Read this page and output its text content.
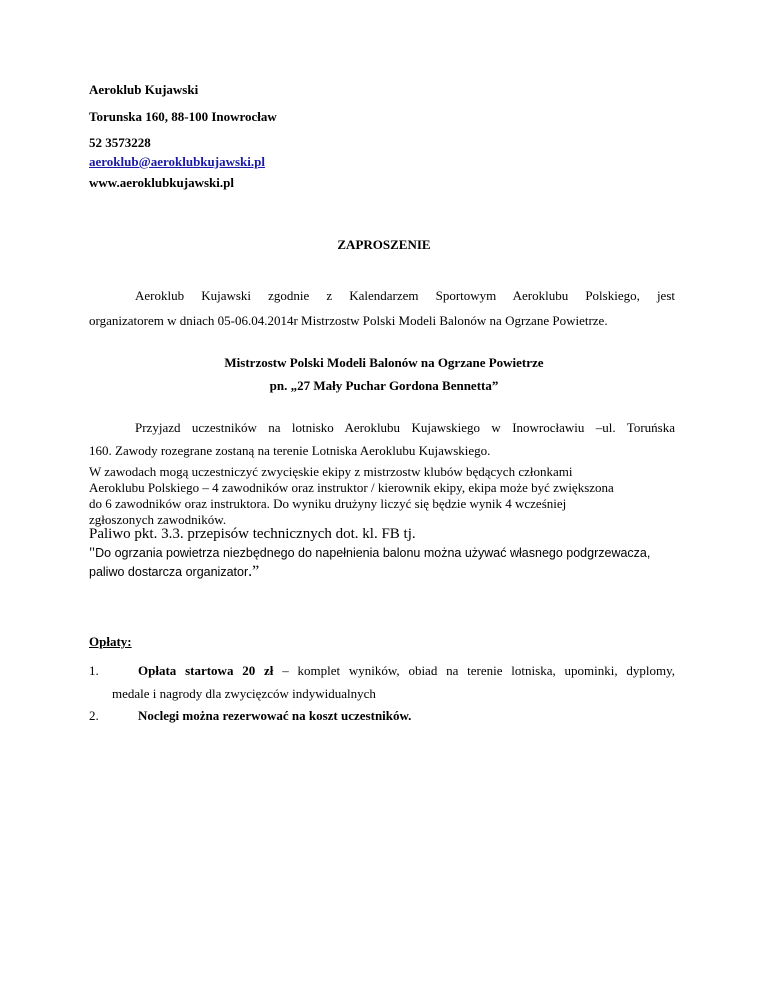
Aeroklub Kujawski
Torunska 160, 88-100 Inowrocław
52 3573228
aeroklub@aeroklubkujawski.pl
www.aeroklubkujawski.pl
ZAPROSZENIE
Aeroklub Kujawski zgodnie z Kalendarzem Sportowym Aeroklubu Polskiego, jest
organizatorem w dniach 05-06.04.2014r Mistrzostw Polski Modeli Balonów na Ogrzane Powietrze.
Mistrzostw Polski Modeli Balonów na Ogrzane Powietrze
pn. „27 Mały Puchar Gordona Bennetta”
Przyjazd uczestników na lotnisko Aeroklubu Kujawskiego w Inowrocławiu –ul. Toruńska
160. Zawody rozegrane zostaną na terenie Lotniska Aeroklubu Kujawskiego.
W zawodach mogą uczestniczyć zwycięskie ekipy z mistrzostw klubów będących członkami
Aeroklubu Polskiego – 4 zawodników oraz instruktor / kierownik ekipy, ekipa może być zwiększona
do 6 zawodników oraz instruktora. Do wyniku drużyny liczyć się będzie wynik 4 wcześniej
zgłoszonych zawodników.
Paliwo pkt. 3.3. przepisów technicznych dot. kl. FB tj.
"Do ogrzania powietrza niezbędnego do napełnienia balonu można używać własnego podgrzewacza,
paliwo dostarcza organizator.”
Opłaty:
1.	Opłata startowa 20 zł – komplet wyników, obiad na terenie lotniska, upominki, dyplomy,
medale i nagrody dla zwycięzców indywidualnych
2.	Noclegi można rezerwować na koszt uczestników.
